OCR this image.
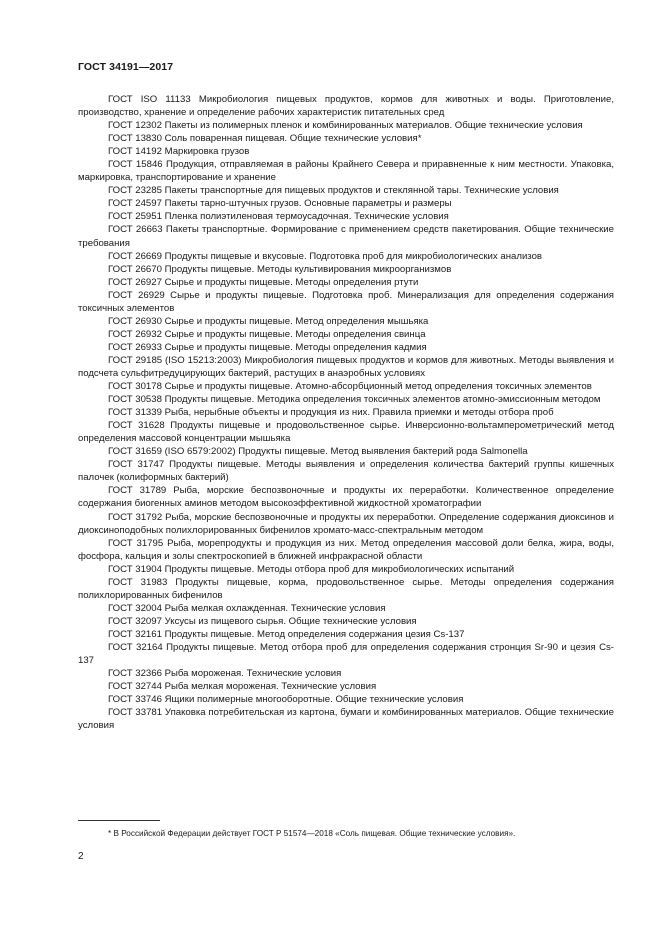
ГОСТ 34191—2017

ГОСТ ISO 11133 Микробиология пищевых продуктов, кормов для животных и воды. Приготовление, производство, хранение и определение рабочих характеристик питательных сред

ГОСТ 12302 Пакеты из полимерных пленок и комбинированных материалов. Общие технические условия

ГОСТ 13830 Соль поваренная пищевая. Общие технические условия*

ГОСТ 14192 Маркировка грузов

ГОСТ 15846 Продукция, отправляемая в районы Крайнего Севера и приравненные к ним местности. Упаковка, маркировка, транспортирование и хранение

ГОСТ 23285 Пакеты транспортные для пищевых продуктов и стеклянной тары. Технические условия

ГОСТ 24597 Пакеты тарно-штучных грузов. Основные параметры и размеры

ГОСТ 25951 Пленка полиэтиленовая термоусадочная. Технические условия

ГОСТ 26663 Пакеты транспортные. Формирование с применением средств пакетирования. Общие технические требования

ГОСТ 26669 Продукты пищевые и вкусовые. Подготовка проб для микробиологических анализов

ГОСТ 26670 Продукты пищевые. Методы культивирования микроорганизмов

ГОСТ 26927 Сырье и продукты пищевые. Методы определения ртути

ГОСТ 26929 Сырье и продукты пищевые. Подготовка проб. Минерализация для определения содержания токсичных элементов

ГОСТ 26930 Сырье и продукты пищевые. Метод определения мышьяка

ГОСТ 26932 Сырье и продукты пищевые. Методы определения свинца

ГОСТ 26933 Сырье и продукты пищевые. Методы определения кадмия

ГОСТ 29185 (ISO 15213:2003) Микробиология пищевых продуктов и кормов для животных. Методы выявления и подсчета сульфитредуцирующих бактерий, растущих в анаэробных условиях

ГОСТ 30178 Сырье и продукты пищевые. Атомно-абсорбционный метод определения токсичных элементов

ГОСТ 30538 Продукты пищевые. Методика определения токсичных элементов атомно-эмиссионным методом

ГОСТ 31339 Рыба, нерыбные объекты и продукция из них. Правила приемки и методы отбора проб

ГОСТ 31628 Продукты пищевые и продовольственное сырье. Инверсионно-вольтамперометрический метод определения массовой концентрации мышьяка

ГОСТ 31659 (ISO 6579:2002) Продукты пищевые. Метод выявления бактерий рода Salmonella

ГОСТ 31747 Продукты пищевые. Методы выявления и определения количества бактерий группы кишечных палочек (колиформных бактерий)

ГОСТ 31789 Рыба, морские беспозвоночные и продукты их переработки. Количественное определение содержания биогенных аминов методом высокоэффективной жидкостной хроматографии

ГОСТ 31792 Рыба, морские беспозвоночные и продукты их переработки. Определение содержания диоксинов и диоксиноподобных полихлорированных бифенилов хромато-масс-спектральным методом

ГОСТ 31795 Рыба, морепродукты и продукция из них. Метод определения массовой доли белка, жира, воды, фосфора, кальция и золы спектроскопией в ближней инфракрасной области

ГОСТ 31904 Продукты пищевые. Методы отбора проб для микробиологических испытаний

ГОСТ 31983 Продукты пищевые, корма, продовольственное сырье. Методы определения содержания полихлорированных бифенилов

ГОСТ 32004 Рыба мелкая охлажденная. Технические условия

ГОСТ 32097 Уксусы из пищевого сырья. Общие технические условия

ГОСТ 32161 Продукты пищевые. Метод определения содержания цезия Cs-137

ГОСТ 32164 Продукты пищевые. Метод отбора проб для определения содержания стронция Sr-90 и цезия Cs-137

ГОСТ 32366 Рыба мороженая. Технические условия

ГОСТ 32744 Рыба мелкая мороженая. Технические условия

ГОСТ 33746 Ящики полимерные многооборотные. Общие технические условия

ГОСТ 33781 Упаковка потребительская из картона, бумаги и комбинированных материалов. Общие технические условия

* В Российской Федерации действует ГОСТ Р 51574—2018 «Соль пищевая. Общие технические условия».
2
